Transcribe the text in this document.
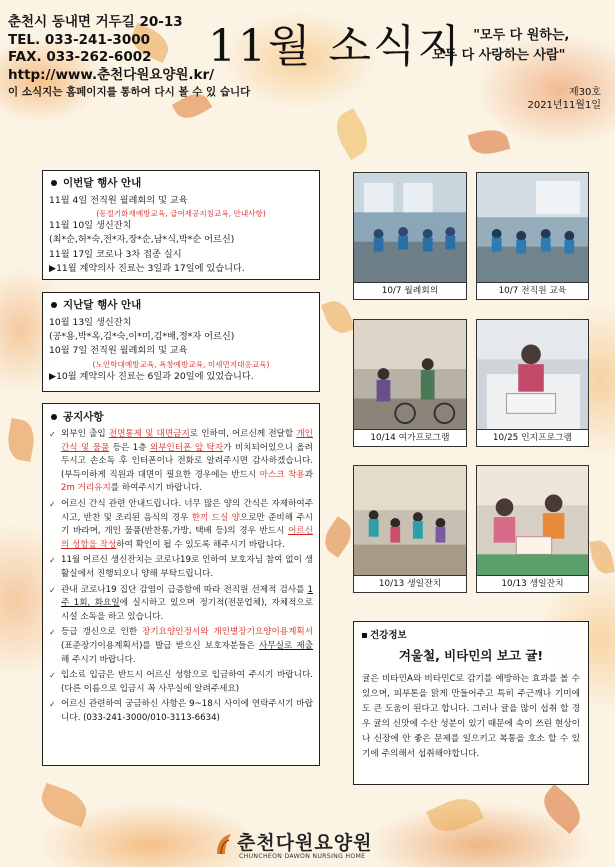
춘천시 동내면 거두길 20-13
TEL. 033-241-3000
FAX. 033-262-6002
http://www.춘천다원요양원.kr/
이 소식지는 홈페이지를 통하여 다시 볼 수 있 습니다
11월 소식지 "모두 다 원하는,
모두 다 사랑하는 사람"
제30호
2021년11월1일
이번달 행사 안내
11월 4일 전직원 월례회의 및 교육
(동절기화재예방교육, 급여제공지침교육, 안내사항)
11월 10일 생신잔치
(최*순,허*숙,전*자,장*순,남*식,박*순 어르신)
11월 17일 코로나 3차 접종 실시
▶11월 계약의사 진료는 3일과 17일에 있습니다.
지난달 행사 안내
10월 13일 생신잔치
(공*용,박*옥,김*숙,이*미,김*배,정*자 어르신)
10월 7일 전직원 월례회의 및 교육
(노인학대예방교육, 욕창예방교육, 미세먼지대응교육)
▶10월 계약의사 진료는 6일과 20일에 있었습니다.
공지사항
✓ 외부인 출입 전면통제 및 대면금지로 인하여, 어르신께 전달할 개인간식 및 물품 등은 1층 외부인터폰 앞 탁자가 비치되어있으니 올려두시고 손소독 후 인터폰이나 전화로 알려주시면 감사하겠습니다. (부득이하게 직원과 대면이 필요한 경우에는 반드시 마스크 착용과 2m 거리유지를 하여주시기 바랍니다.
✓ 어르신 간식 관련 안내드립니다. 너무 많은 양의 간식은 자제하여주시고, 반찬 및 조리된 음식의 경우 한끼 드실 양으로만 준비해 주시기 바라며, 개인 물품(반찬통,가방, 택배 등)의 경우 반드시 어르신의 성함을 작성하여 확인이 될 수 있도록 해주시기 바랍니다.
✓ 11월 어르신 생신잔치는 코로나19로 인하여 보호자님 참여 없이 생활실에서 진행되오니 양해 부탁드립니다.
✓ 관내 코로나19 집단 감염이 급증함에 따라 전직원 선제적 검사를 1주 1회, 화요일에 실시하고 있으며 정기적(전문업체), 자체적으로 시설 소독을 하고 있습니다.
✓ 등급 갱신으로 인한 장기요양인정서와 개인별장기요양이용계획서(표준장기이용계획서)를 발급 받으신 보호자분들은 사무실로 제출해 주시기 바랍니다.
✓ 입소료 입금은 반드시 어르신 성함으로 입금하여 주시기 바랍니다. (다른 이름으로 입금시 꼭 사무실에 알려주세요)
✓ 어르신 관련하여 궁금하신 사항은 9~18시 사이에 연락주시기 바랍니다. (033-241-3000/010-3113-6634)
10/7 월례회의	10/7 전직원 교육
10/14 여가프로그램	10/25 인지프로그램
10/13 생일잔치	10/13 생일잔치
건강정보
겨울철, 비타민의 보고 귤!
귤은 비타민A와 비타민C로 감기를 예방하는 효과를 볼 수 있으며, 피부톤을 맑게 만들어주고 특히 주근깨나 기미에도 큰 도움이 된다고 합니다. 그러나 귤을 많이 섭취 할 경우 귤의 신맛에 수산 성분이 있기 때문에 속이 쓰린 현상이나 신장에 안 좋은 문제를 일으키고 복통을 호소 할 수 있기에 주의해서 섭취해야합니다.
춘천다원요양원
CHUNCHEON DAWON NURSING HOME
